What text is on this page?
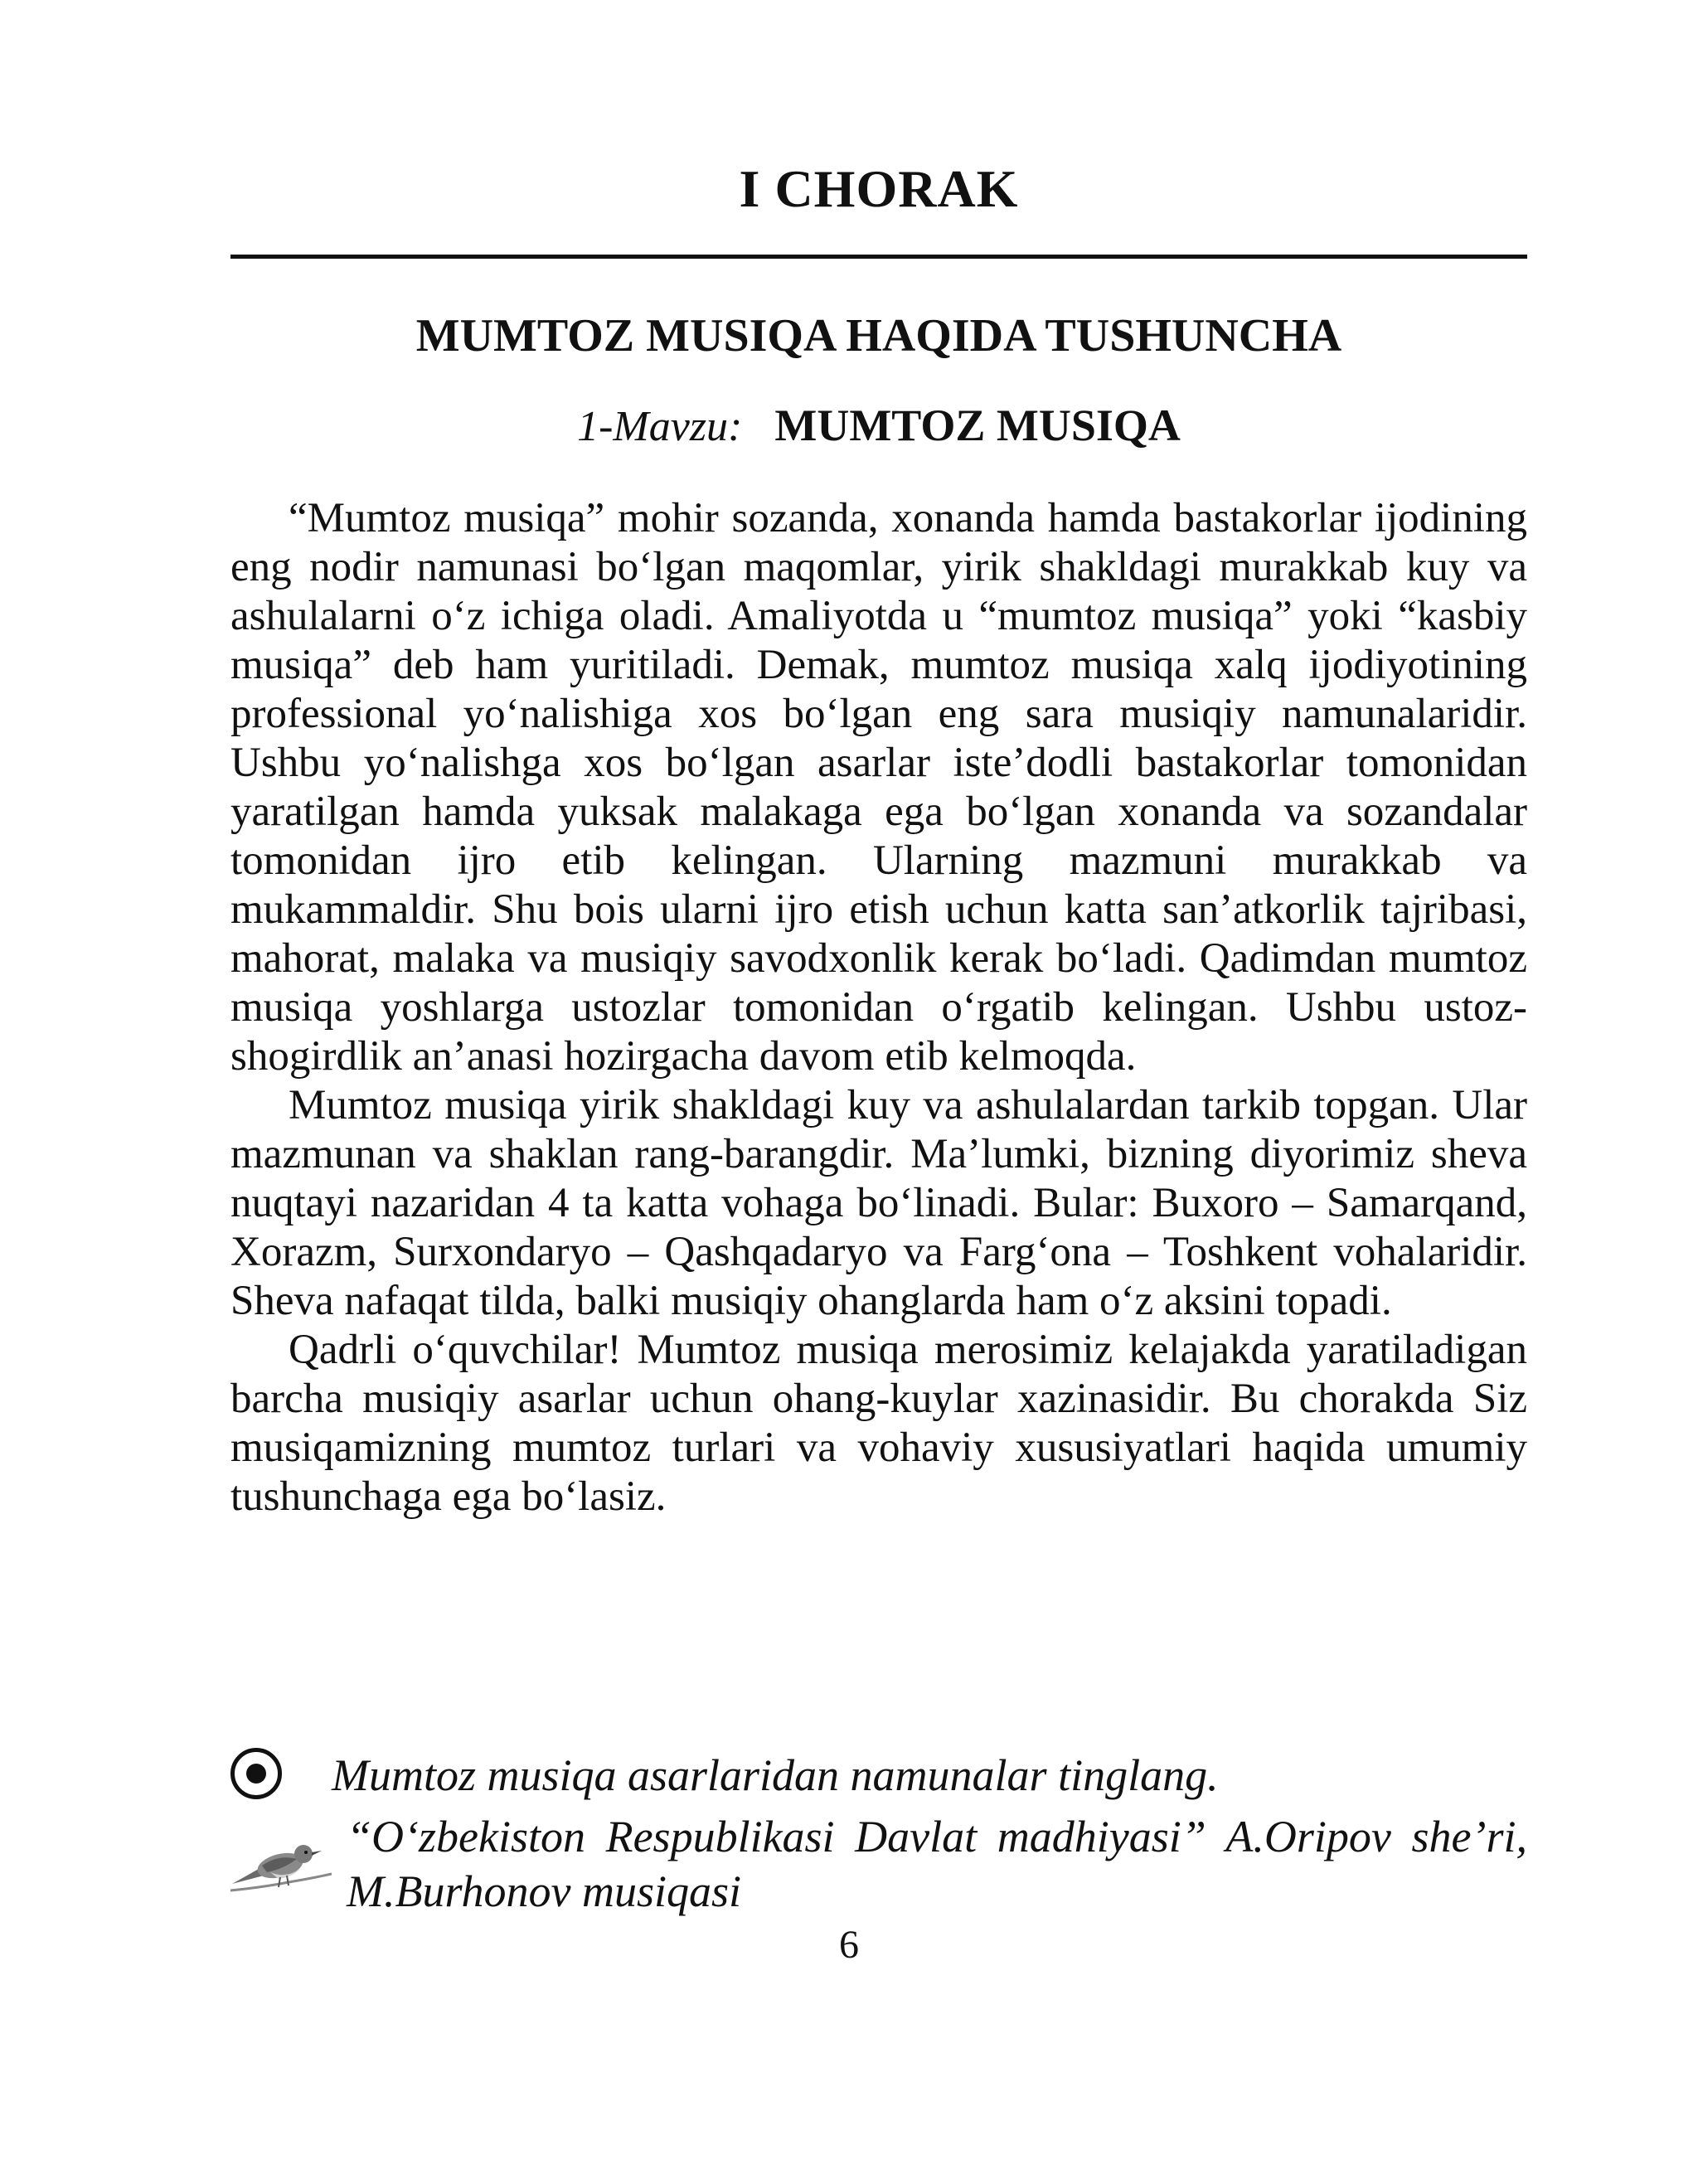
I CHORAK
MUMTOZ MUSIQA HAQIDA TUSHUNCHA
1-Mavzu: MUMTOZ MUSIQA

“Mumtoz musiqa” mohir sozanda, xonanda hamda bastakorlar ijodining eng nodir namunasi bo‘lgan maqomlar, yirik shakldagi murakkab kuy va ashulalarni o‘z ichiga oladi. Amaliyotda u “mumtoz musiqa” yoki “kasbiy musiqa” deb ham yuritiladi. Demak, mumtoz musiqa xalq ijodiyotining professional yo‘nalishiga xos bo‘lgan eng sara musiqiy namunalaridir. Ushbu yo‘nalishga xos bo‘lgan asarlar iste’dodli bastakorlar tomonidan yaratilgan hamda yuksak malakaga ega bo‘lgan xonanda va sozandalar tomonidan ijro etib kelingan. Ularning mazmuni murakkab va mukammaldir. Shu bois ularni ijro etish uchun katta san’atkorlik tajribasi, mahorat, malaka va musiqiy savodxonlik kerak bo‘ladi. Qadimdan mumtoz musiqa yoshlarga ustozlar tomonidan o‘rgatib kelingan. Ushbu ustoz-shogirdlik an’anasi hozirgacha davom etib kelmoqda.

Mumtoz musiqa yirik shakldagi kuy va ashulalardan tarkib topgan. Ular mazmunan va shaklan rang-barangdir. Ma’lumki, bizning diyorimiz sheva nuqtayi nazaridan 4 ta katta vohaga bo‘linadi. Bular: Buxoro – Samarqand, Xorazm, Surxondaryo – Qashqadaryo va Farg‘ona – Toshkent vohalaridir. Sheva nafaqat tilda, balki musiqiy ohanglarda ham o‘z aksini topadi.

Qadrli o‘quvchilar! Mumtoz musiqa merosimiz kelajakda yaratiladigan barcha musiqiy asarlar uchun ohang-kuylar xazinasidir. Bu chorakda Siz musiqamizning mumtoz turlari va vohaviy xususiyatlari haqida umumiy tushunchaga ega bo‘lasiz.

Mumtoz musiqa asarlaridan namunalar tinglang.
“O‘zbekiston Respublikasi Davlat madhiyasi” A.Oripov she’ri, M.Burhonov musiqasi
6
